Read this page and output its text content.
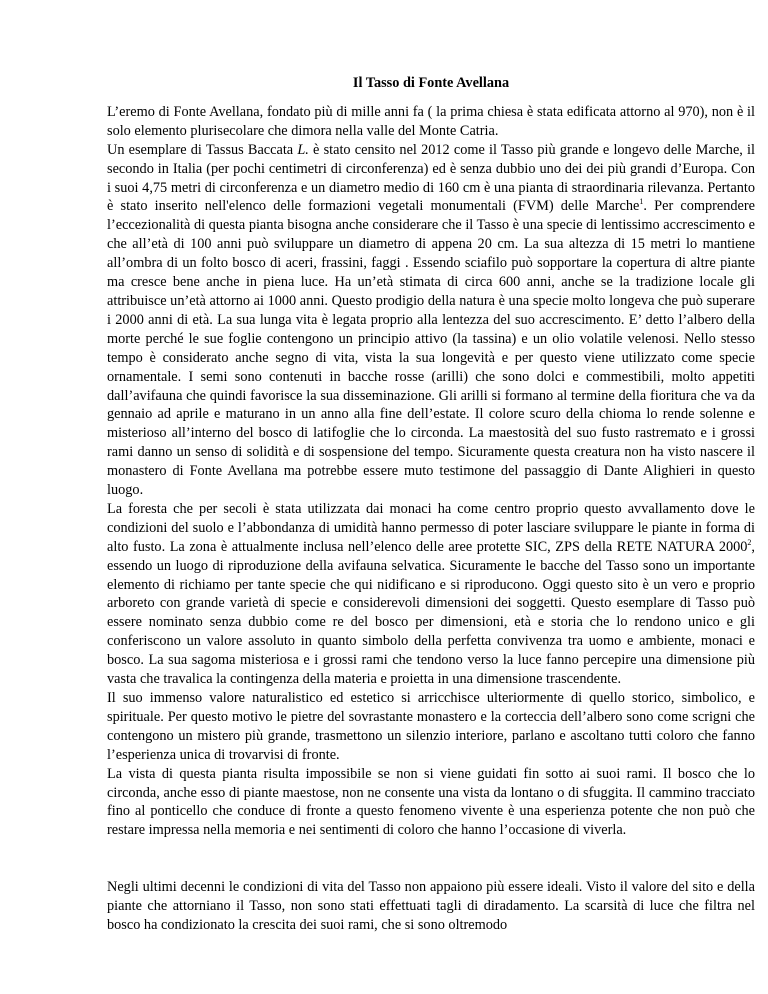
Il Tasso di Fonte Avellana

L’eremo di Fonte Avellana, fondato più di mille anni fa ( la prima chiesa è stata edificata attorno al 970), non è il solo elemento plurisecolare che dimora nella valle del Monte Catria.

Un esemplare di Tassus Baccata L. è stato censito nel 2012 come il Tasso più grande e longevo delle Marche, il secondo in Italia (per pochi centimetri di circonferenza) ed è senza dubbio uno dei dei più grandi d’Europa. Con i suoi 4,75 metri di circonferenza e un diametro medio di 160 cm è una pianta di straordinaria rilevanza. Pertanto è stato inserito nell'elenco delle formazioni vegetali monumentali (FVM) delle Marche$^1$. Per comprendere l’eccezionalità di questa pianta bisogna anche considerare che il Tasso è una specie di lentissimo accrescimento e che all’età di 100 anni può sviluppare un diametro di appena 20 cm. La sua altezza di 15 metri lo mantiene all’ombra di un folto bosco di aceri, frassini, faggi . Essendo sciafilo può sopportare la copertura di altre piante ma cresce bene anche in piena luce. Ha un’età stimata di circa 600 anni, anche se la tradizione locale gli attribuisce un’età attorno ai 1000 anni. Questo prodigio della natura è una specie molto longeva che può superare i 2000 anni di età. La sua lunga vita è legata proprio alla lentezza del suo accrescimento. E’ detto l’albero della morte perché le sue foglie contengono un principio attivo (la tassina) e un olio volatile velenosi. Nello stesso tempo è considerato anche segno di vita, vista la sua longevità e per questo viene utilizzato come specie ornamentale. I semi sono contenuti in bacche rosse (arilli) che sono dolci e commestibili, molto appetiti dall’avifauna che quindi favorisce la sua disseminazione. Gli arilli si formano al termine della fioritura che va da gennaio ad aprile e maturano in un anno alla fine dell’estate. Il colore scuro della chioma lo rende solenne e misterioso all’interno del bosco di latifoglie che lo circonda. La maestosità del suo fusto rastremato e i grossi rami danno un senso di solidità e di sospensione del tempo. Sicuramente questa creatura non ha visto nascere il monastero di Fonte Avellana ma potrebbe essere muto testimone del passaggio di Dante Alighieri in questo luogo.

La foresta che per secoli è stata utilizzata dai monaci ha come centro proprio questo avvallamento dove le condizioni del suolo e l’abbondanza di umidità hanno permesso di poter lasciare sviluppare le piante in forma di alto fusto. La zona è attualmente inclusa nell’elenco delle aree protette SIC, ZPS della RETE NATURA 2000$^2$, essendo un luogo di riproduzione della avifauna selvatica. Sicuramente le bacche del Tasso sono un importante elemento di richiamo per tante specie che qui nidificano e si riproducono. Oggi questo sito è un vero e proprio arboreto con grande varietà di specie e considerevoli dimensioni dei soggetti. Questo esemplare di Tasso può essere nominato senza dubbio come re del bosco per dimensioni, età e storia che lo rendono unico e gli conferiscono un valore assoluto in quanto simbolo della perfetta convivenza tra uomo e ambiente, monaci e bosco. La sua sagoma misteriosa e i grossi rami che tendono verso la luce fanno percepire una dimensione più vasta che travalica la contingenza della materia e proietta in una dimensione trascendente.

Il suo immenso valore naturalistico ed estetico si arricchisce ulteriormente di quello storico, simbolico, e spirituale. Per questo motivo le pietre del sovrastante monastero e la corteccia dell’albero sono come scrigni che contengono un mistero più grande, trasmettono un silenzio interiore, parlano e ascoltano tutti coloro che fanno l’esperienza unica di trovarvisi di fronte.

La vista di questa pianta risulta impossibile se non si viene guidati fin sotto ai suoi rami. Il bosco che lo circonda, anche esso di piante maestose, non ne consente una vista da lontano o di sfuggita. Il cammino tracciato fino al ponticello che conduce di fronte a questo fenomeno vivente è una esperienza potente che non può che restare impressa nella memoria e nei sentimenti di coloro che hanno l’occasione di viverla.

Negli ultimi decenni le condizioni di vita del Tasso non appaiono più essere ideali. Visto il valore del sito e della piante che attorniano il Tasso, non sono stati effettuati tagli di diradamento. La scarsità di luce che filtra nel bosco ha condizionato la crescita dei suoi rami, che si sono oltremodo
